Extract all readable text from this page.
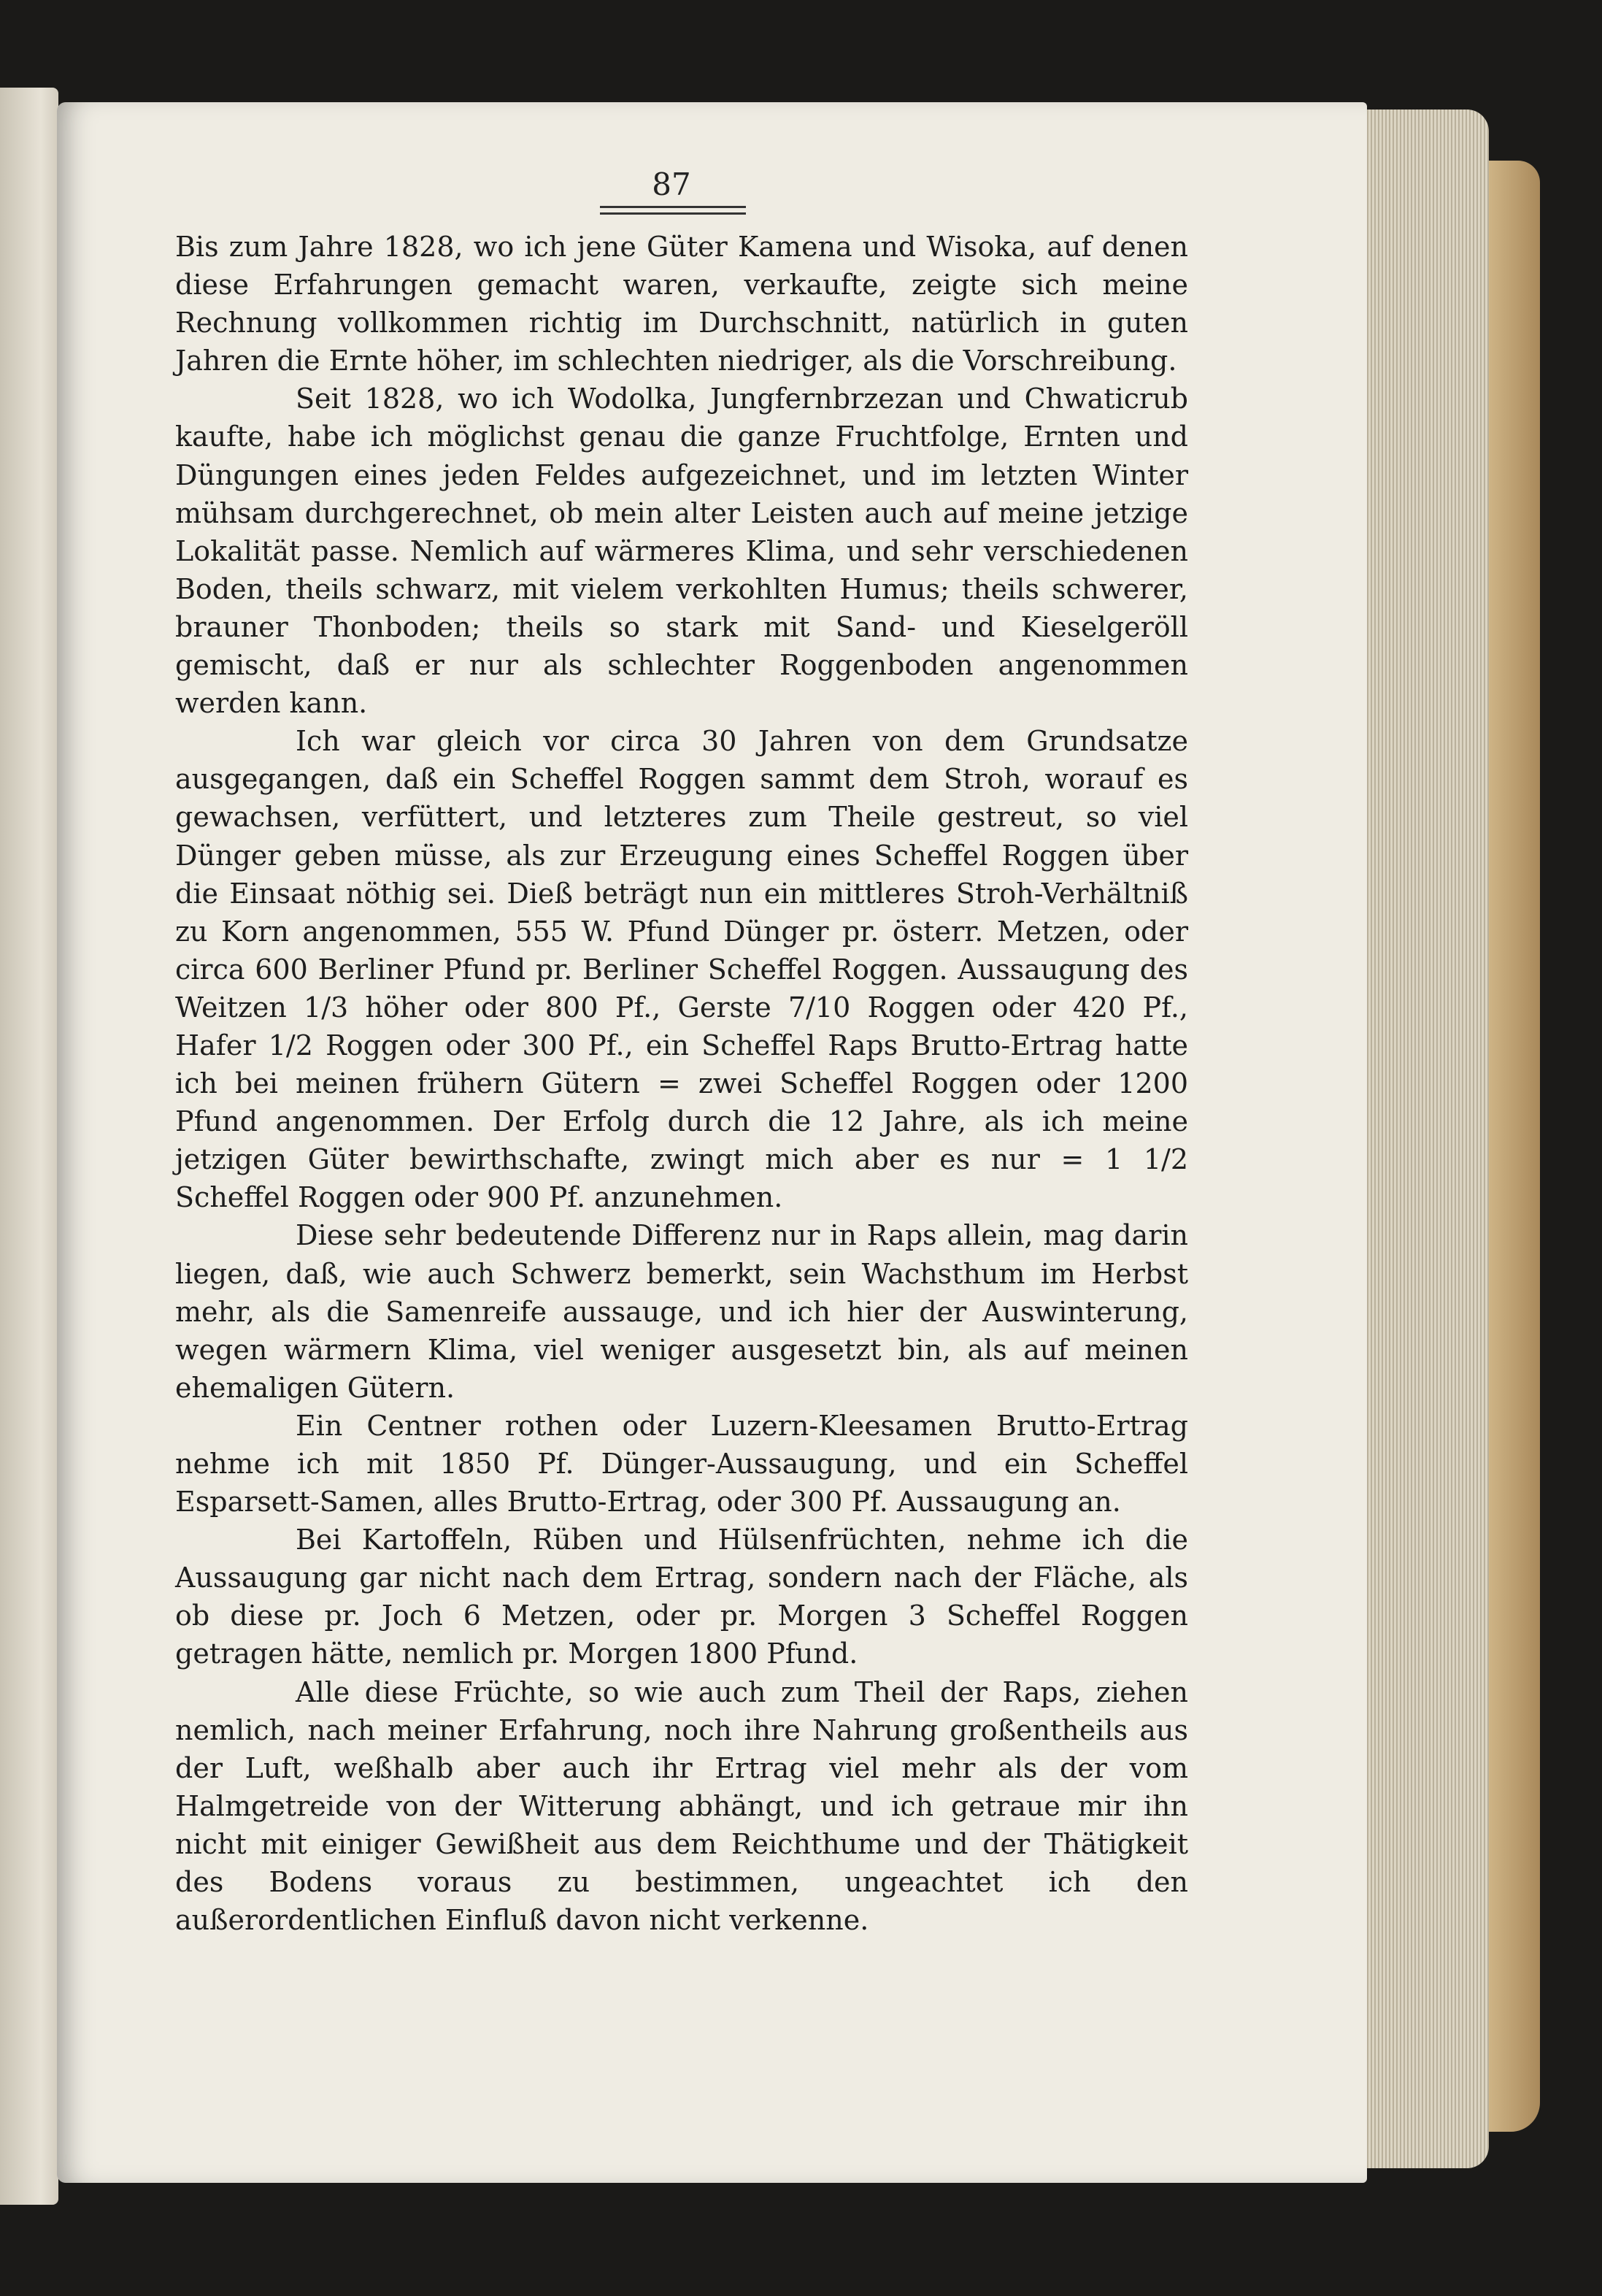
87

Bis zum Jahre 1828, wo ich jene Güter Kamena und Wisoka, auf denen diese Erfahrungen gemacht waren, verkaufte, zeigte sich meine Rechnung vollkommen richtig im Durchschnitt, natürlich in guten Jahren die Ernte höher, im schlechten niedriger, als die Vorschreibung.

Seit 1828, wo ich Wodolka, Jungfernbrzezan und Chwaticrub kaufte, habe ich möglichst genau die ganze Fruchtfolge, Ernten und Düngungen eines jeden Feldes aufgezeichnet, und im letzten Winter mühsam durchgerechnet, ob mein alter Leisten auch auf meine jetzige Lokalität passe. Nemlich auf wärmeres Klima, und sehr verschiedenen Boden, theils schwarz, mit vielem verkohlten Humus; theils schwerer, brauner Thonboden; theils so stark mit Sand- und Kieselgeröll gemischt, daß er nur als schlechter Roggenboden angenommen werden kann.

Ich war gleich vor circa 30 Jahren von dem Grundsatze ausgegangen, daß ein Scheffel Roggen sammt dem Stroh, worauf es gewachsen, verfüttert, und letzteres zum Theile gestreut, so viel Dünger geben müsse, als zur Erzeugung eines Scheffel Roggen über die Einsaat nöthig sei. Dieß beträgt nun ein mittleres Stroh-Verhältniß zu Korn angenommen, 555 W. Pfund Dünger pr. österr. Metzen, oder circa 600 Berliner Pfund pr. Berliner Scheffel Roggen. Aussaugung des Weitzen 1/3 höher oder 800 Pf., Gerste 7/10 Roggen oder 420 Pf., Hafer 1/2 Roggen oder 300 Pf., ein Scheffel Raps Brutto-Ertrag hatte ich bei meinen frühern Gütern = zwei Scheffel Roggen oder 1200 Pfund angenommen. Der Erfolg durch die 12 Jahre, als ich meine jetzigen Güter bewirthschafte, zwingt mich aber es nur = 1 1/2 Scheffel Roggen oder 900 Pf. anzunehmen.

Diese sehr bedeutende Differenz nur in Raps allein, mag darin liegen, daß, wie auch Schwerz bemerkt, sein Wachsthum im Herbst mehr, als die Samenreife aussauge, und ich hier der Auswinterung, wegen wärmern Klima, viel weniger ausgesetzt bin, als auf meinen ehemaligen Gütern.

Ein Centner rothen oder Luzern-Kleesamen Brutto-Ertrag nehme ich mit 1850 Pf. Dünger-Aussaugung, und ein Scheffel Esparsett-Samen, alles Brutto-Ertrag, oder 300 Pf. Aussaugung an.

Bei Kartoffeln, Rüben und Hülsenfrüchten, nehme ich die Aussaugung gar nicht nach dem Ertrag, sondern nach der Fläche, als ob diese pr. Joch 6 Metzen, oder pr. Morgen 3 Scheffel Roggen getragen hätte, nemlich pr. Morgen 1800 Pfund.

Alle diese Früchte, so wie auch zum Theil der Raps, ziehen nemlich, nach meiner Erfahrung, noch ihre Nahrung großentheils aus der Luft, weßhalb aber auch ihr Ertrag viel mehr als der vom Halmgetreide von der Witterung abhängt, und ich getraue mir ihn nicht mit einiger Gewißheit aus dem Reichthume und der Thätigkeit des Bodens voraus zu bestimmen, ungeachtet ich den außerordentlichen Einfluß davon nicht verkenne.
